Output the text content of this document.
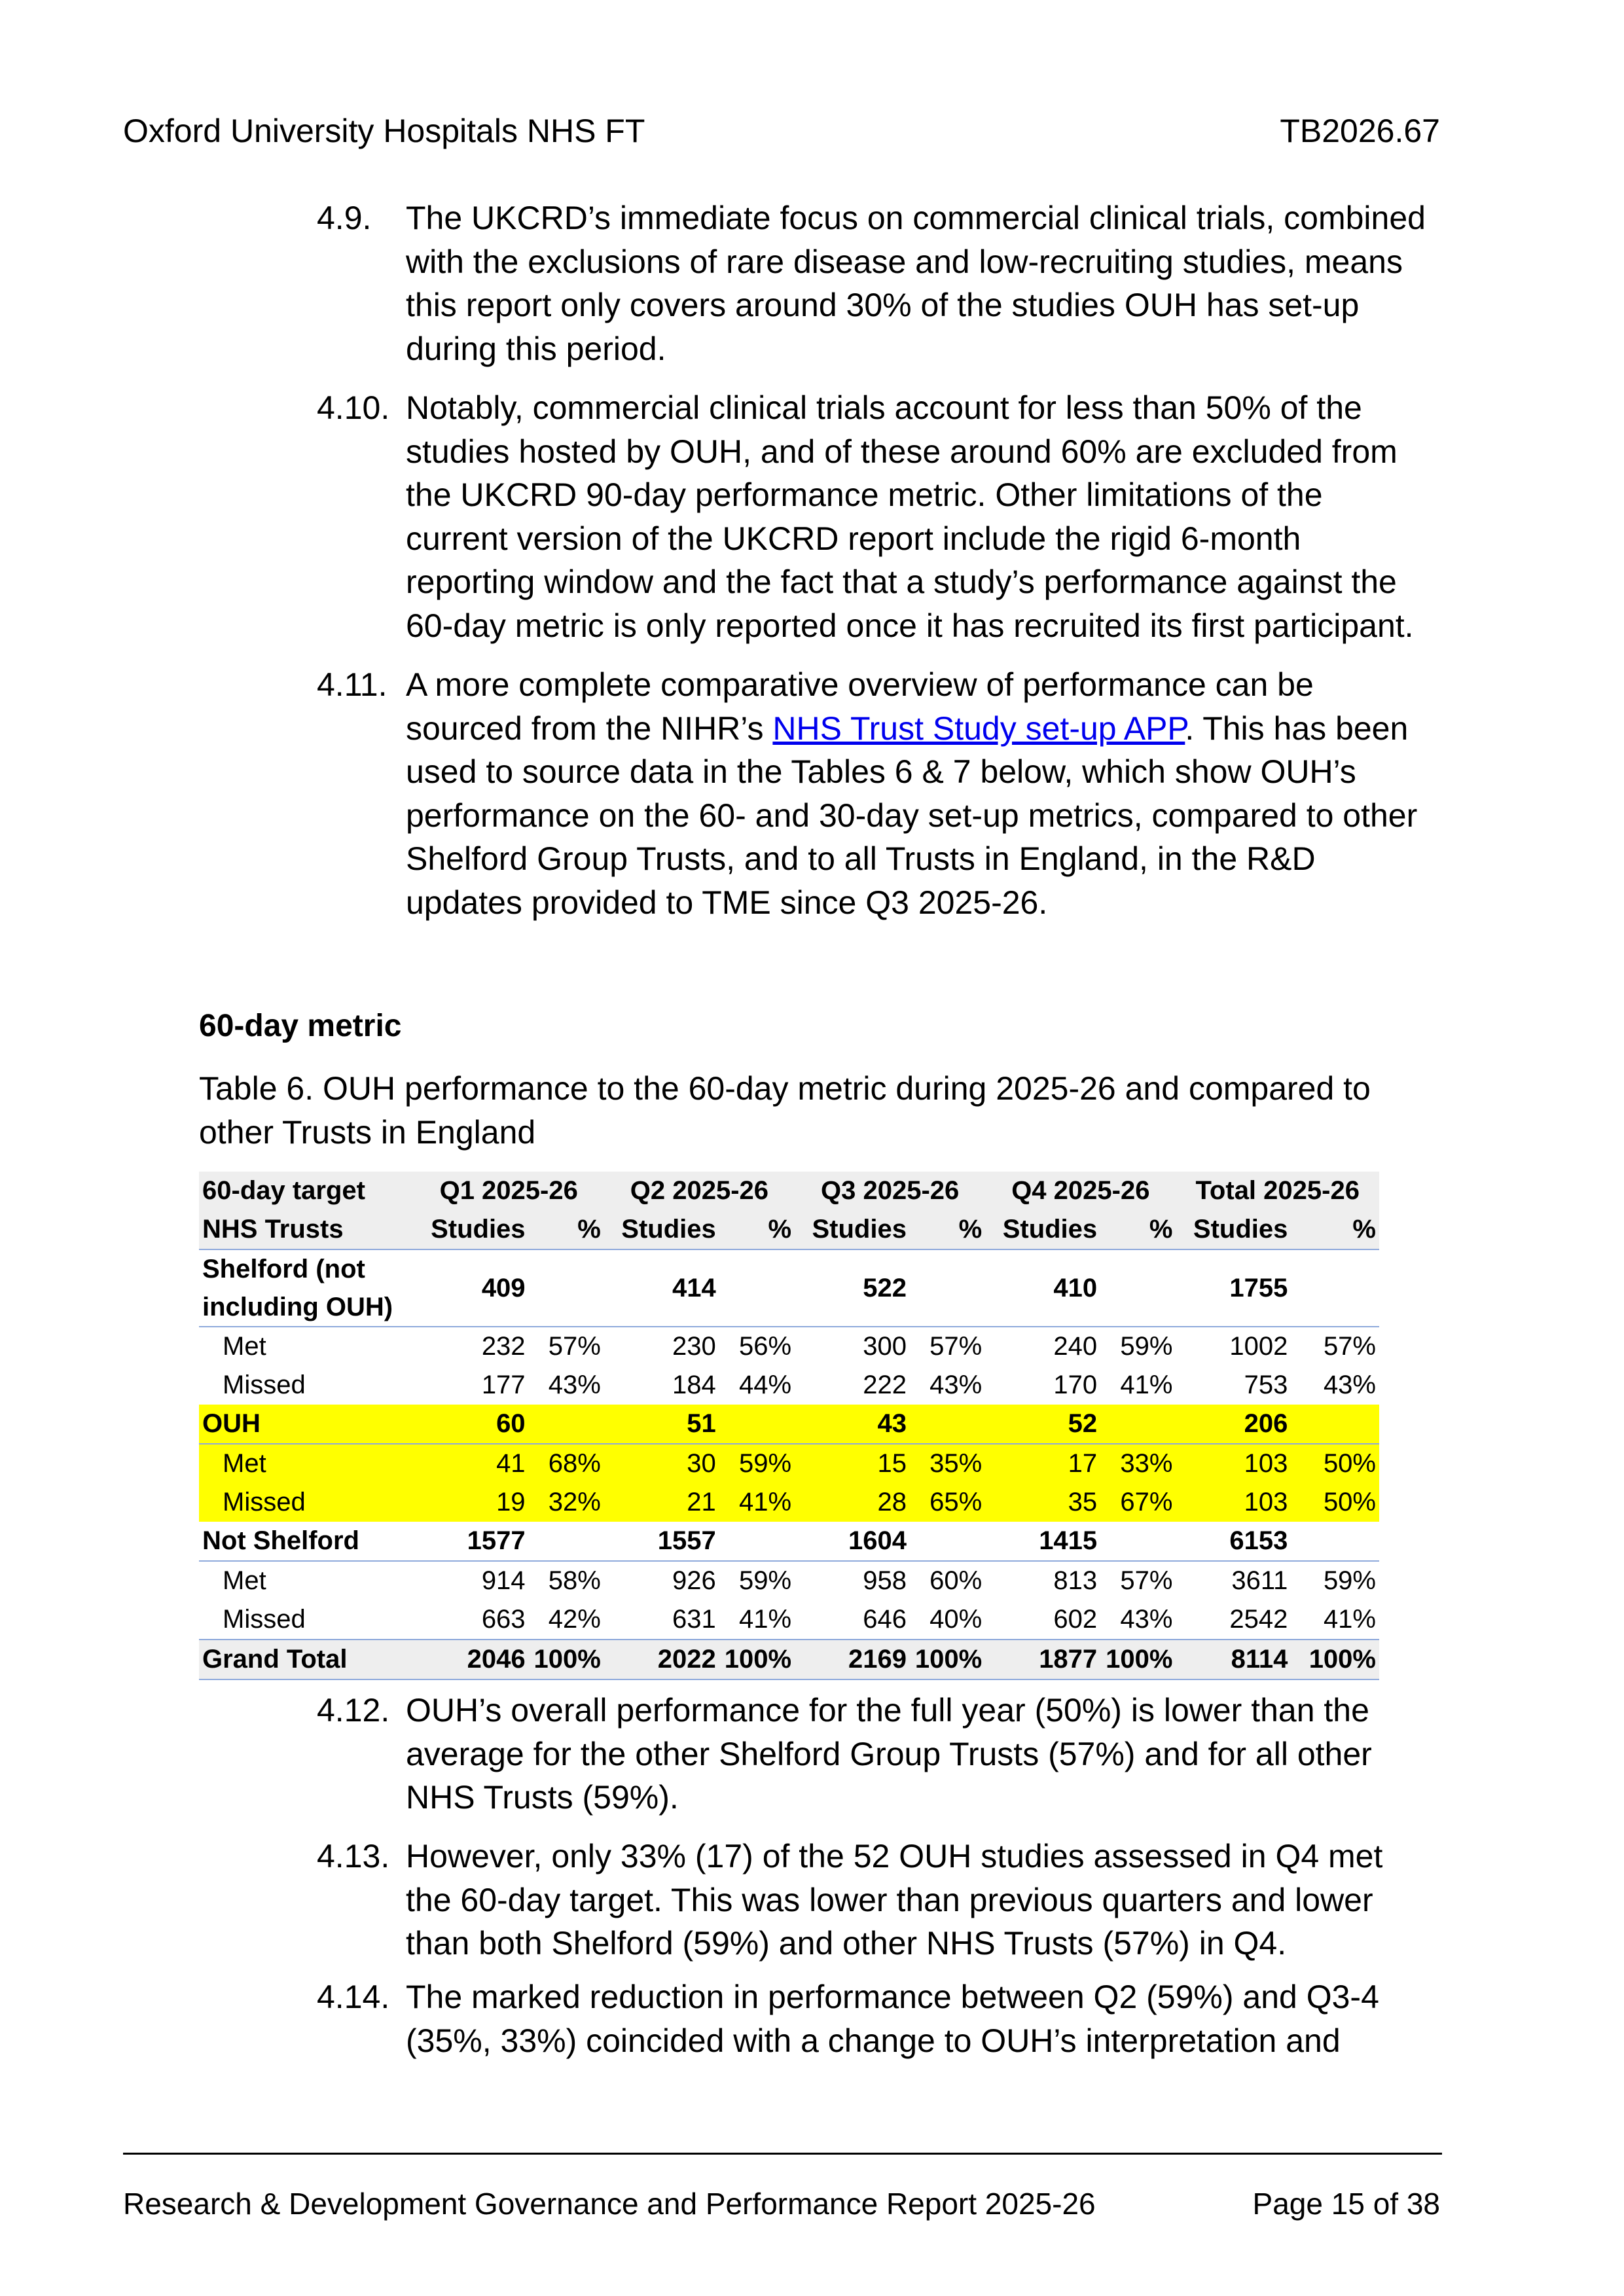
Oxford University Hospitals NHS FT	TB2026.67
4.9. The UKCRD’s immediate focus on commercial clinical trials, combined
with the exclusions of rare disease and low-recruiting studies, means
this report only covers around 30% of the studies OUH has set-up
during this period.
4.10. Notably, commercial clinical trials account for less than 50% of the
studies hosted by OUH, and of these around 60% are excluded from
the UKCRD 90-day performance metric. Other limitations of the
current version of the UKCRD report include the rigid 6-month
reporting window and the fact that a study’s performance against the
60-day metric is only reported once it has recruited its first participant.
4.11. A more complete comparative overview of performance can be
sourced from the NIHR’s NHS Trust Study set-up APP. This has been
used to source data in the Tables 6 & 7 below, which show OUH’s
performance on the 60- and 30-day set-up metrics, compared to other
Shelford Group Trusts, and to all Trusts in England, in the R&D
updates provided to TME since Q3 2025-26.
60-day metric
Table 6. OUH performance to the 60-day metric during 2025-26 and compared to
other Trusts in England
60-day target	Q1 2025-26		Q2 2025-26		Q3 2025-26		Q4 2025-26		Total 2025-26	
NHS Trusts	Studies	%	Studies	%	Studies	%	Studies	%	Studies	%
Shelford (not
including OUH)	409		414		522		410		1755	
Met	232	57%	230	56%	300	57%	240	59%	1002	57%
Missed	177	43%	184	44%	222	43%	170	41%	753	43%
OUH	60		51		43		52		206	
Met	41	68%	30	59%	15	35%	17	33%	103	50%
Missed	19	32%	21	41%	28	65%	35	67%	103	50%
Not Shelford	1577		1557		1604		1415		6153	
Met	914	58%	926	59%	958	60%	813	57%	3611	59%
Missed	663	42%	631	41%	646	40%	602	43%	2542	41%
Grand Total	2046	100%	2022	100%	2169	100%	1877	100%	8114	100%
4.12. OUH’s overall performance for the full year (50%) is lower than the
average for the other Shelford Group Trusts (57%) and for all other
NHS Trusts (59%).
4.13. However, only 33% (17) of the 52 OUH studies assessed in Q4 met
the 60-day target. This was lower than previous quarters and lower
than both Shelford (59%) and other NHS Trusts (57%) in Q4.
4.14. The marked reduction in performance between Q2 (59%) and Q3-4
(35%, 33%) coincided with a change to OUH’s interpretation and
Research & Development Governance and Performance Report 2025-26	Page 15 of 38
